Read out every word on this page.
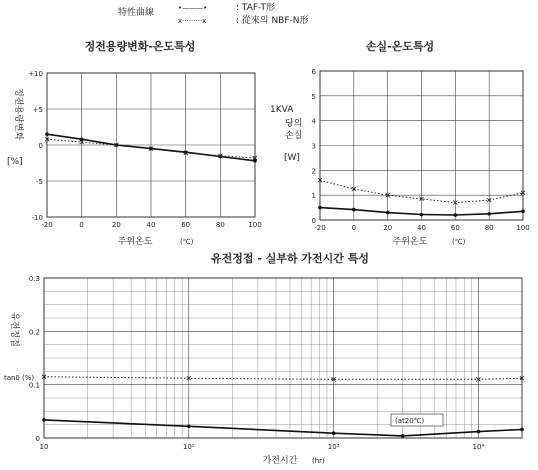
特性曲線	•———•	: TAF-T形
x·········x	: 從來의 NBF-N形
정전용량변화-온도특성
-20	0	20	40	60	80	100
+10
+5
0
-5
-10
주위온도	(℃)
정전용량변화
[%]
손실-온도특성
-20	0	20	40	60	80	100
6
5
4
3
2
1
0
주위온도	(℃)
1KVA 당의 손실
[W]
유전정접 - 실부하 가전시간 특성
10	10²	10³	10⁴
0.3
0.2
0.1
0
가전시간 (hr)
유전정접
tanδ (%)
(at20℃)
